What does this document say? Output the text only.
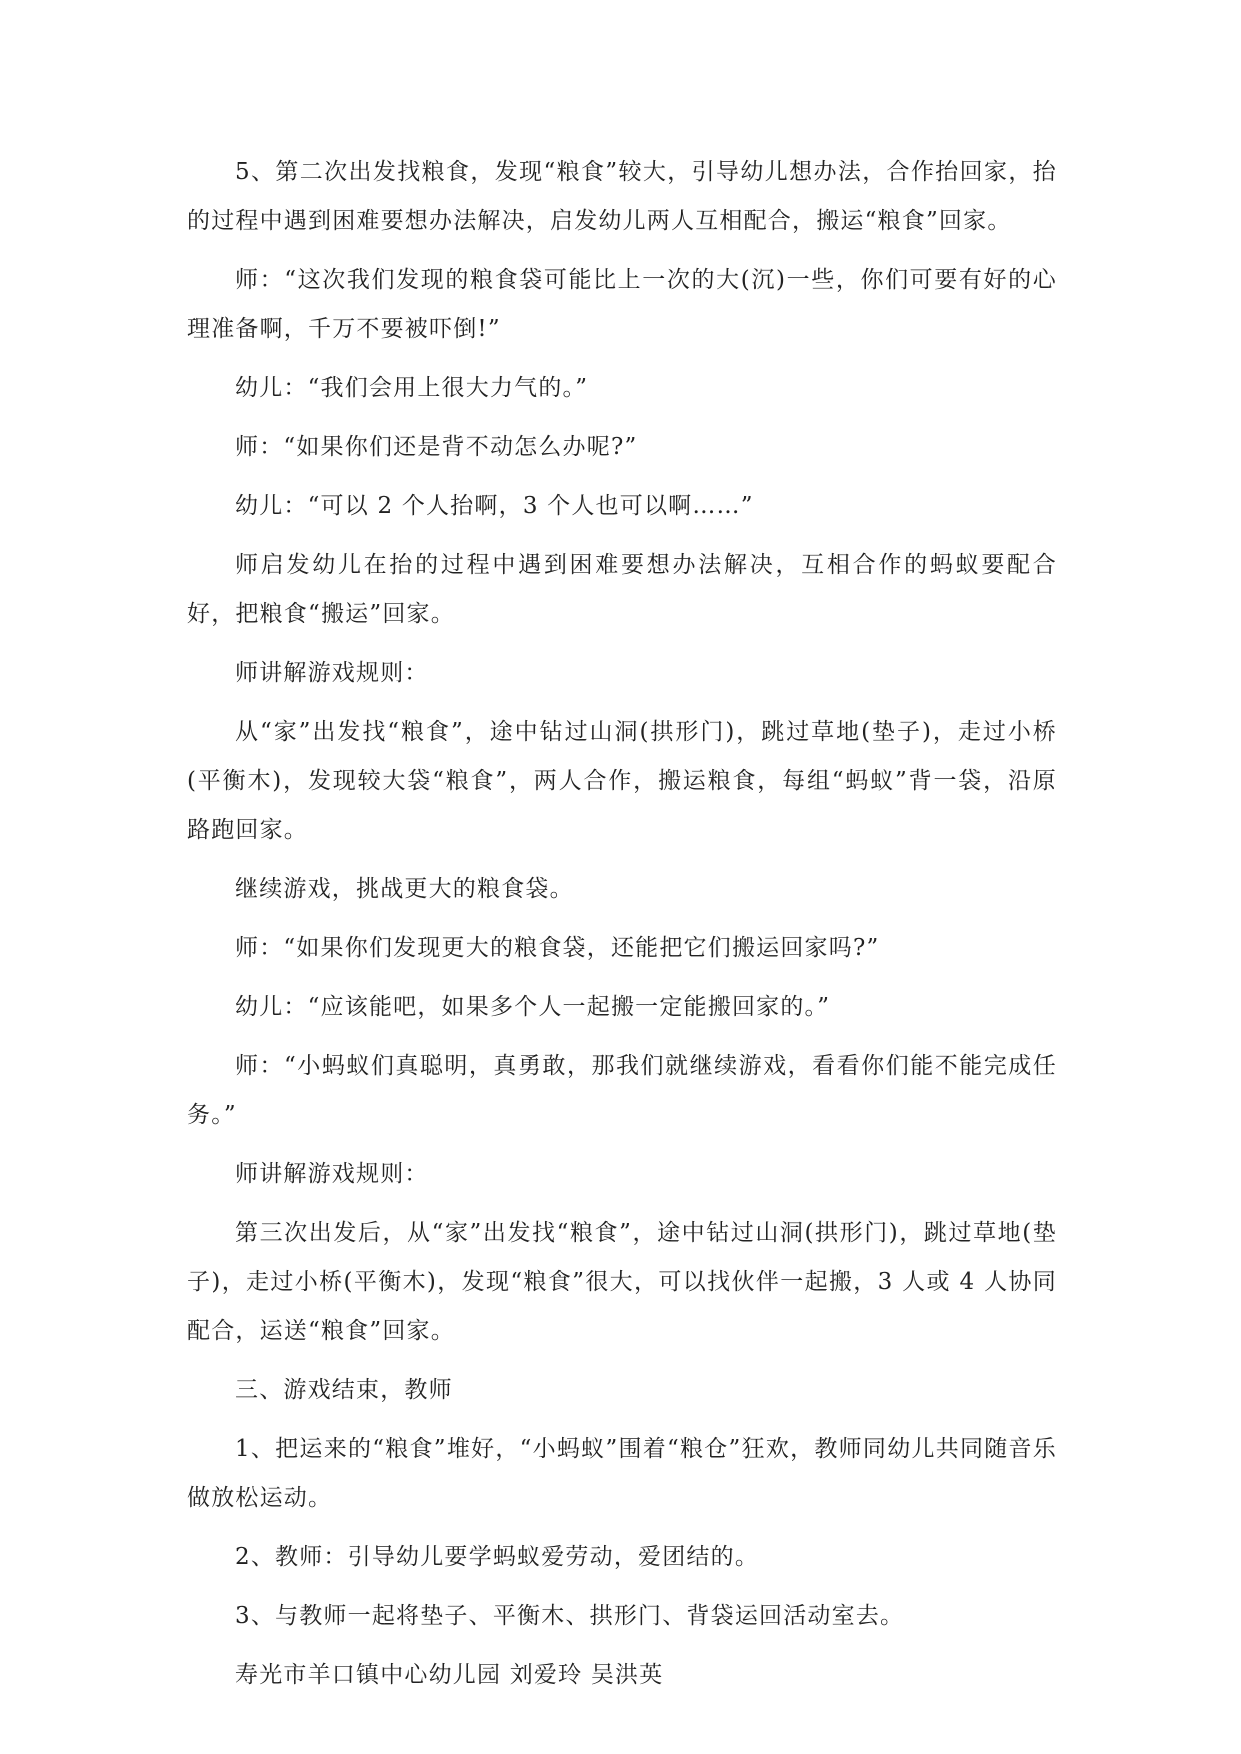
5、第二次出发找粮食，发现“粮食”较大，引导幼儿想办法，合作抬回家，抬的过程中遇到困难要想办法解决，启发幼儿两人互相配合，搬运“粮食”回家。

师：“这次我们发现的粮食袋可能比上一次的大(沉)一些，你们可要有好的心理准备啊，千万不要被吓倒!”

幼儿：“我们会用上很大力气的。”

师：“如果你们还是背不动怎么办呢?”

幼儿：“可以 2 个人抬啊，3 个人也可以啊……”

师启发幼儿在抬的过程中遇到困难要想办法解决，互相合作的蚂蚁要配合好，把粮食“搬运”回家。

师讲解游戏规则：

从“家”出发找“粮食”，途中钻过山洞(拱形门)，跳过草地(垫子)，走过小桥(平衡木)，发现较大袋“粮食”，两人合作，搬运粮食，每组“蚂蚁”背一袋，沿原路跑回家。

继续游戏，挑战更大的粮食袋。

师：“如果你们发现更大的粮食袋，还能把它们搬运回家吗?”

幼儿：“应该能吧，如果多个人一起搬一定能搬回家的。”

师：“小蚂蚁们真聪明，真勇敢，那我们就继续游戏，看看你们能不能完成任务。”

师讲解游戏规则：

第三次出发后，从“家”出发找“粮食”，途中钻过山洞(拱形门)，跳过草地(垫子)，走过小桥(平衡木)，发现“粮食”很大，可以找伙伴一起搬，3 人或 4 人协同配合，运送“粮食”回家。

三、游戏结束，教师

1、把运来的“粮食”堆好，“小蚂蚁”围着“粮仓”狂欢，教师同幼儿共同随音乐做放松运动。

2、教师：引导幼儿要学蚂蚁爱劳动，爱团结的。

3、与教师一起将垫子、平衡木、拱形门、背袋运回活动室去。

寿光市羊口镇中心幼儿园 刘爱玲 吴洪英
